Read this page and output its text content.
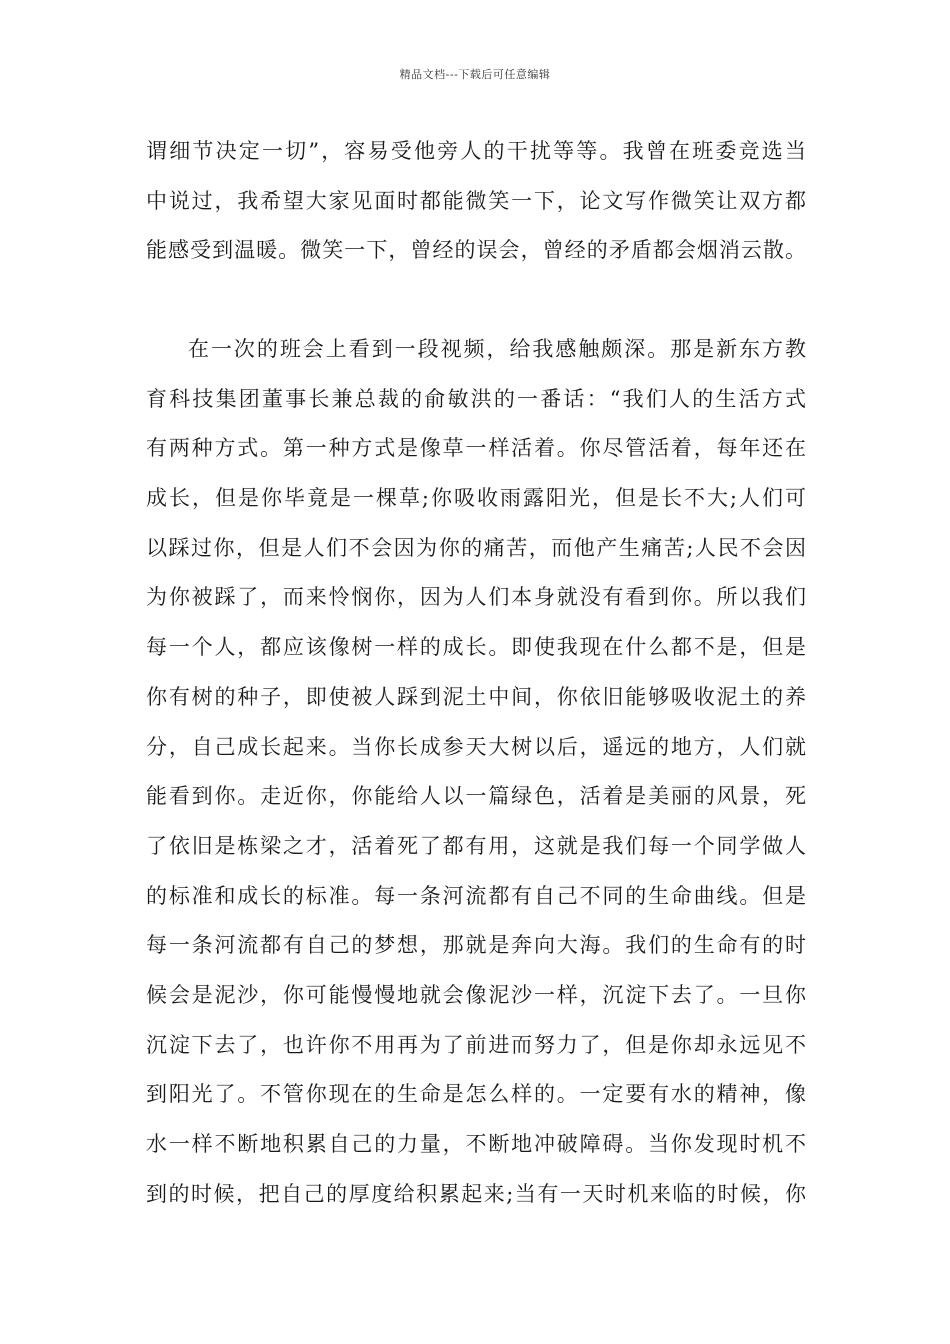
精品文档---下载后可任意编辑
谓细节决定一切”，容易受他旁人的干扰等等。我曾在班委竞选当
中说过，我希望大家见面时都能微笑一下，论文写作微笑让双方都
能感受到温暖。微笑一下，曾经的误会，曾经的矛盾都会烟消云散。
在一次的班会上看到一段视频，给我感触颇深。那是新东方教
育科技集团董事长兼总裁的俞敏洪的一番话：“我们人的生活方式
有两种方式。第一种方式是像草一样活着。你尽管活着，每年还在
成长，但是你毕竟是一棵草;你吸收雨露阳光，但是长不大;人们可
以踩过你，但是人们不会因为你的痛苦，而他产生痛苦;人民不会因
为你被踩了，而来怜悯你，因为人们本身就没有看到你。所以我们
每一个人，都应该像树一样的成长。即使我现在什么都不是，但是
你有树的种子，即使被人踩到泥土中间，你依旧能够吸收泥土的养
分，自己成长起来。当你长成参天大树以后，遥远的地方，人们就
能看到你。走近你，你能给人以一篇绿色，活着是美丽的风景，死
了依旧是栋梁之才，活着死了都有用，这就是我们每一个同学做人
的标准和成长的标准。每一条河流都有自己不同的生命曲线。但是
每一条河流都有自己的梦想，那就是奔向大海。我们的生命有的时
候会是泥沙，你可能慢慢地就会像泥沙一样，沉淀下去了。一旦你
沉淀下去了，也许你不用再为了前进而努力了，但是你却永远见不
到阳光了。不管你现在的生命是怎么样的。一定要有水的精神，像
水一样不断地积累自己的力量，不断地冲破障碍。当你发现时机不
到的时候，把自己的厚度给积累起来;当有一天时机来临的时候，你
